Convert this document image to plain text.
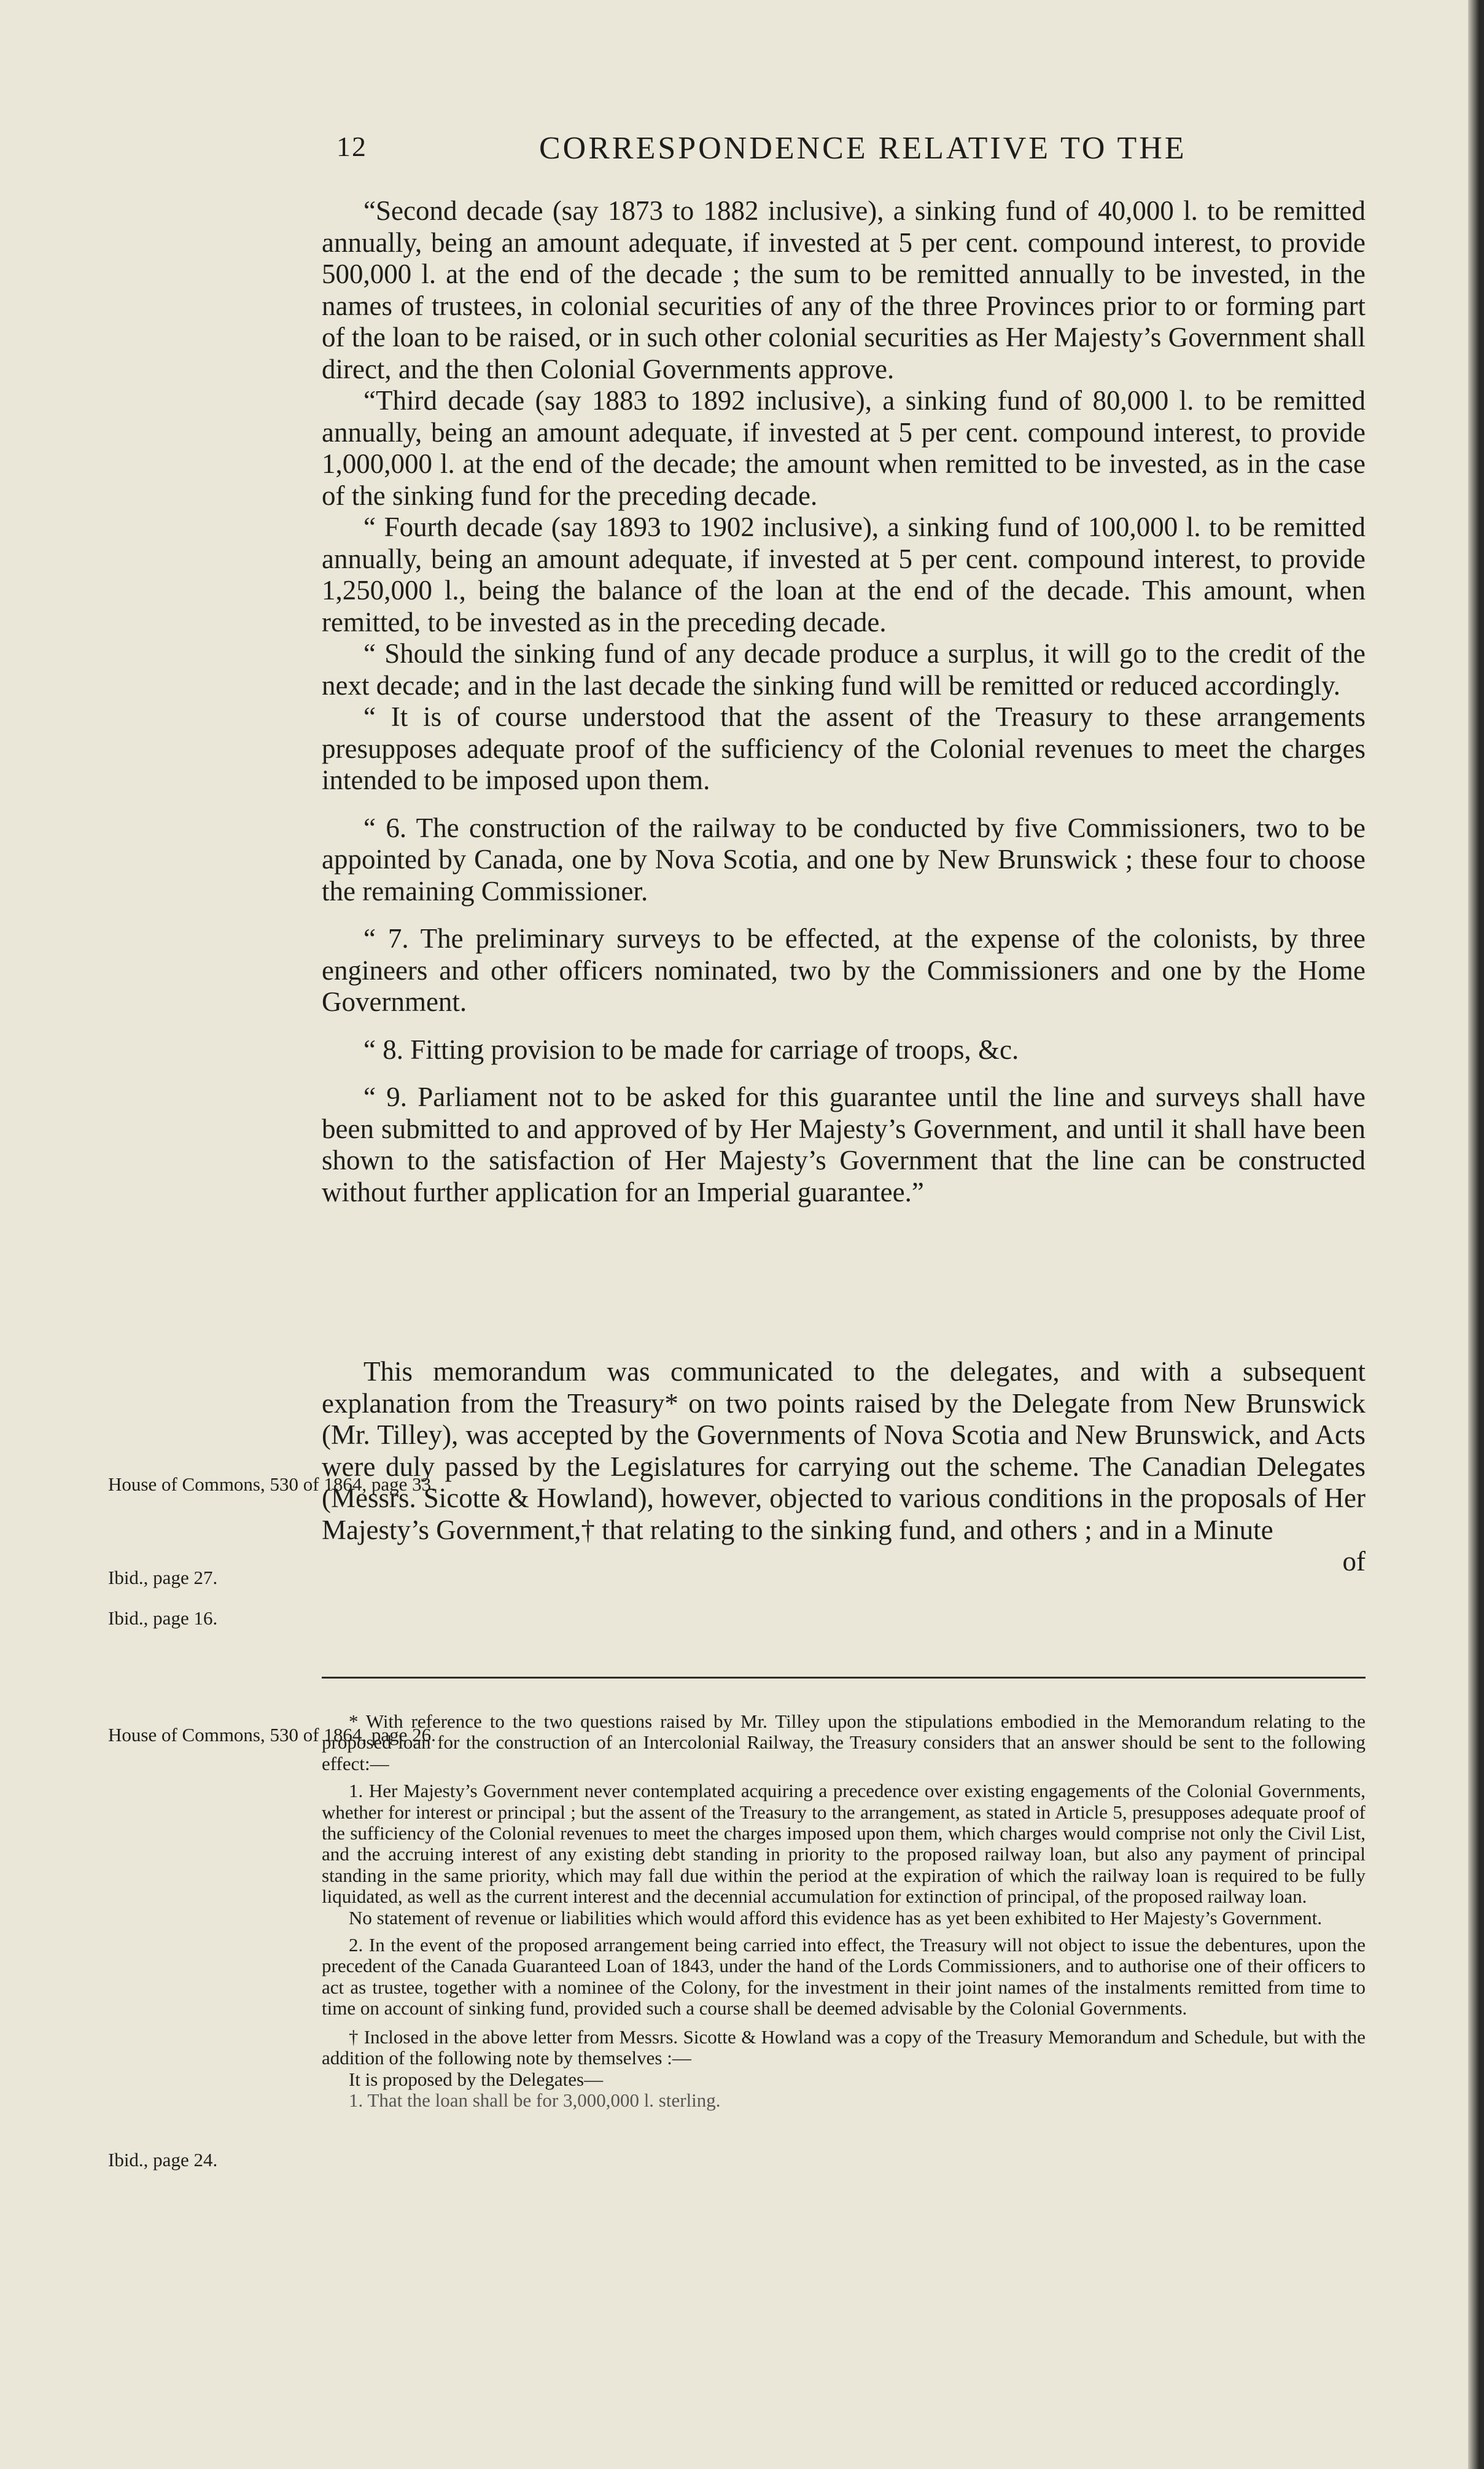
12	CORRESPONDENCE RELATIVE TO THE

“Second decade (say 1873 to 1882 inclusive), a sinking fund of 40,000 l. to be remitted annually, being an amount adequate, if invested at 5 per cent. compound interest, to provide 500,000 l. at the end of the decade ; the sum to be remitted annually to be invested, in the names of trustees, in colonial securities of any of the three Provinces prior to or forming part of the loan to be raised, or in such other colonial securities as Her Majesty’s Government shall direct, and the then Colonial Governments approve.

“Third decade (say 1883 to 1892 inclusive), a sinking fund of 80,000 l. to be remitted annually, being an amount adequate, if invested at 5 per cent. compound interest, to provide 1,000,000 l. at the end of the decade; the amount when remitted to be invested, as in the case of the sinking fund for the preceding decade.

“ Fourth decade (say 1893 to 1902 inclusive), a sinking fund of 100,000 l. to be remitted annually, being an amount adequate, if invested at 5 per cent. compound interest, to provide 1,250,000 l., being the balance of the loan at the end of the decade. This amount, when remitted, to be invested as in the preceding decade.

“ Should the sinking fund of any decade produce a surplus, it will go to the credit of the next decade; and in the last decade the sinking fund will be remitted or reduced accordingly.

“ It is of course understood that the assent of the Treasury to these arrangements presupposes adequate proof of the sufficiency of the Colonial revenues to meet the charges intended to be imposed upon them.

“ 6. The construction of the railway to be conducted by five Commissioners, two to be appointed by Canada, one by Nova Scotia, and one by New Brunswick ; these four to choose the remaining Commissioner.

“ 7. The preliminary surveys to be effected, at the expense of the colonists, by three engineers and other officers nominated, two by the Commissioners and one by the Home Government.

“ 8. Fitting provision to be made for carriage of troops, &c.

“ 9. Parliament not to be asked for this guarantee until the line and surveys shall have been submitted to and approved of by Her Majesty’s Government, and until it shall have been shown to the satisfaction of Her Majesty’s Government that the line can be constructed without further application for an Imperial guarantee.”

This memorandum was communicated to the delegates, and with a subsequent explanation from the Treasury* on two points raised by the Delegate from New Brunswick (Mr. Tilley), was accepted by the Governments of Nova Scotia and New Brunswick, and Acts were duly passed by the Legislatures for carrying out the scheme. The Canadian Delegates (Messrs. Sicotte & Howland), however, objected to various conditions in the proposals of Her Majesty’s Government,† that relating to the sinking fund, and others ; and in a Minute

of

House of Commons, 530 of 1864, page 33.
Ibid., page 27.
Ibid., page 16.
House of Commons, 530 of 1864, page 26.
Ibid., page 24.

* With reference to the two questions raised by Mr. Tilley upon the stipulations embodied in the Memorandum relating to the proposed loan for the construction of an Intercolonial Railway, the Treasury considers that an answer should be sent to the following effect:—

1. Her Majesty’s Government never contemplated acquiring a precedence over existing engagements of the Colonial Governments, whether for interest or principal ; but the assent of the Treasury to the arrangement, as stated in Article 5, presupposes adequate proof of the sufficiency of the Colonial revenues to meet the charges imposed upon them, which charges would comprise not only the Civil List, and the accruing interest of any existing debt standing in priority to the proposed railway loan, but also any payment of principal standing in the same priority, which may fall due within the period at the expiration of which the railway loan is required to be fully liquidated, as well as the current interest and the decennial accumulation for extinction of principal, of the proposed railway loan.

No statement of revenue or liabilities which would afford this evidence has as yet been exhibited to Her Majesty’s Government.

2. In the event of the proposed arrangement being carried into effect, the Treasury will not object to issue the debentures, upon the precedent of the Canada Guaranteed Loan of 1843, under the hand of the Lords Commissioners, and to authorise one of their officers to act as trustee, together with a nominee of the Colony, for the investment in their joint names of the instalments remitted from time to time on account of sinking fund, provided such a course shall be deemed advisable by the Colonial Governments.

† Inclosed in the above letter from Messrs. Sicotte & Howland was a copy of the Treasury Memorandum and Schedule, but with the addition of the following note by themselves :—

It is proposed by the Delegates—

1. That the loan shall be for 3,000,000 l. sterling.
